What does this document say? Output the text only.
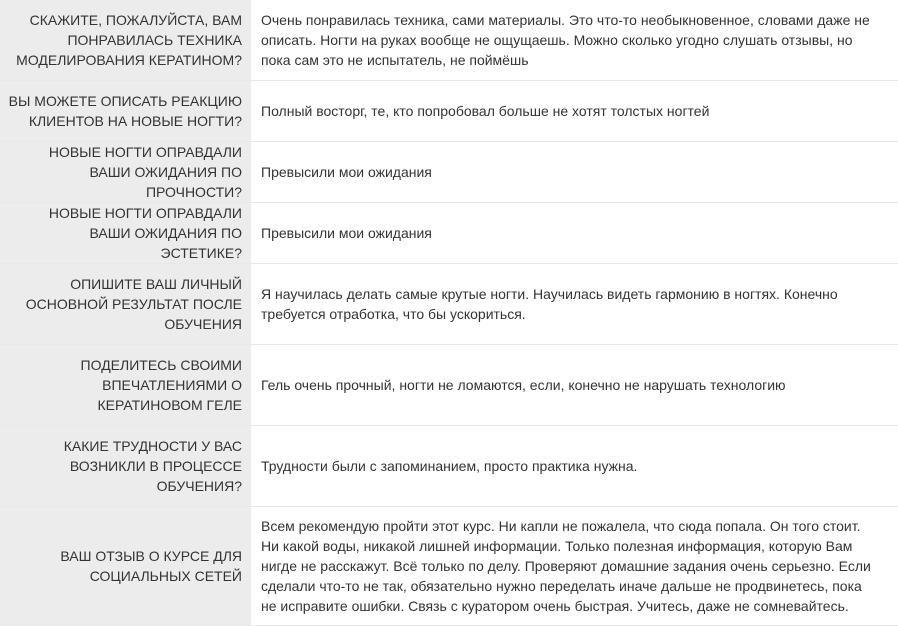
СКАЖИТЕ, ПОЖАЛУЙСТА, ВАМ ПОНРАВИЛАСЬ ТЕХНИКА МОДЕЛИРОВАНИЯ КЕРАТИНОМ?	Очень понравилась техника, сами материалы. Это что-то необыкновенное, словами даже не описать. Ногти на руках вообще не ощущаешь. Можно сколько угодно слушать отзывы, но пока сам это не испытатель, не поймёшь
ВЫ МОЖЕТЕ ОПИСАТЬ РЕАКЦИЮ КЛИЕНТОВ НА НОВЫЕ НОГТИ?	Полный восторг, те, кто попробовал больше не хотят толстых ногтей
НОВЫЕ НОГТИ ОПРАВДАЛИ ВАШИ ОЖИДАНИЯ ПО ПРОЧНОСТИ?	Превысили мои ожидания
НОВЫЕ НОГТИ ОПРАВДАЛИ ВАШИ ОЖИДАНИЯ ПО ЭСТЕТИКЕ?	Превысили мои ожидания
ОПИШИТЕ ВАШ ЛИЧНЫЙ ОСНОВНОЙ РЕЗУЛЬТАТ ПОСЛЕ ОБУЧЕНИЯ	Я научилась делать самые крутые ногти. Научилась видеть гармонию в ногтях. Конечно требуется отработка, что бы ускориться.
ПОДЕЛИТЕСЬ СВОИМИ ВПЕЧАТЛЕНИЯМИ О КЕРАТИНОВОМ ГЕЛЕ	Гель очень прочный, ногти не ломаются, если, конечно не нарушать технологию
КАКИЕ ТРУДНОСТИ У ВАС ВОЗНИКЛИ В ПРОЦЕССЕ ОБУЧЕНИЯ?	Трудности были с запоминанием, просто практика нужна.
ВАШ ОТЗЫВ О КУРСЕ ДЛЯ СОЦИАЛЬНЫХ СЕТЕЙ	Всем рекомендую пройти этот курс. Ни капли не пожалела, что сюда попала. Он того стоит. Ни какой воды, никакой лишней информации. Только полезная информация, которую Вам нигде не расскажут. Всё только по делу. Проверяют домашние задания очень серьезно. Если сделали что-то не так, обязательно нужно переделать иначе дальше не продвинетесь, пока не исправите ошибки. Связь с куратором очень быстрая. Учитесь, даже не сомневайтесь.
